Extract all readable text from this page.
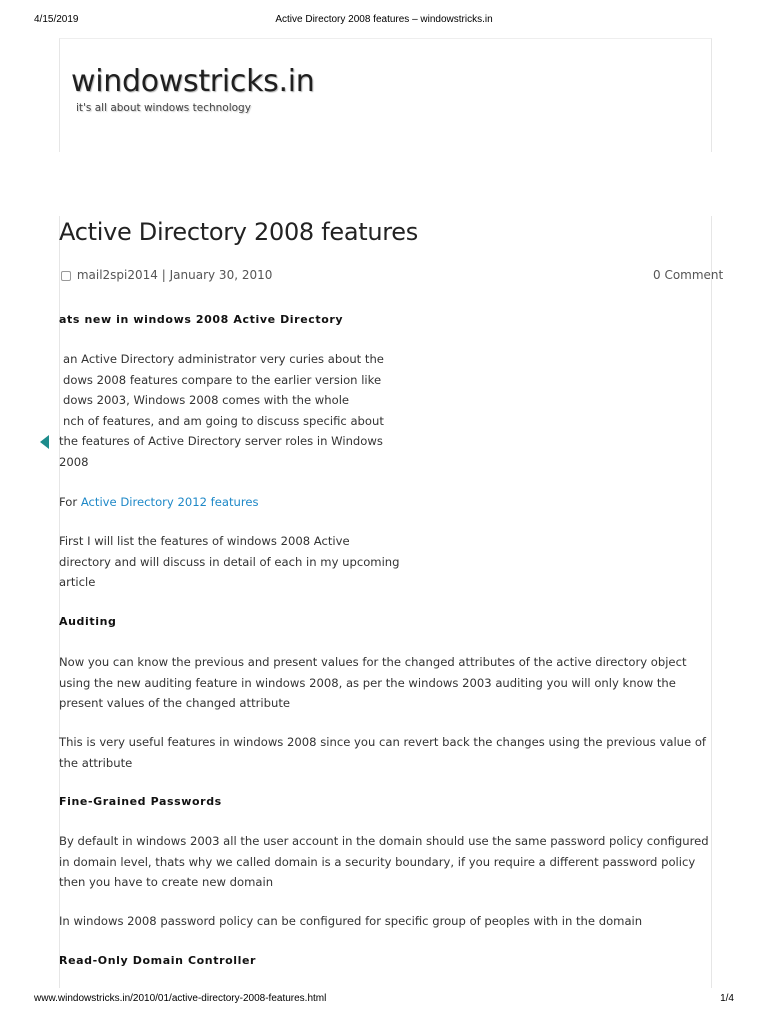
4/15/2019	Active Directory 2008 features – windowstricks.in
windowstricks.in
it's all about windows technology
Active Directory 2008 features
mail2spi2014 | January 30, 2010	0 Comment

ats new in windows 2008 Active Directory

an Active Directory administrator very curies about the
dows 2008 features compare to the earlier version like
dows 2003, Windows 2008 comes with the whole
nch of features, and am going to discuss specific about
the features of Active Directory server roles in Windows
2008

For Active Directory 2012 features

First I will list the features of windows 2008 Active
directory and will discuss in detail of each in my upcoming
article

Auditing

Now you can know the previous and present values for the changed attributes of the active directory object using the new auditing feature in windows 2008, as per the windows 2003 auditing you will only know the present values of the changed attribute

This is very useful features in windows 2008 since you can revert back the changes using the previous value of the attribute

Fine-Grained Passwords

By default in windows 2003 all the user account in the domain should use the same password policy configured in domain level, thats why we called domain is a security boundary, if you require a different password policy then you have to create new domain

In windows 2008 password policy can be configured for specific group of peoples with in the domain

Read-Only Domain Controller

www.windowstricks.in/2010/01/active-directory-2008-features.html	1/4
